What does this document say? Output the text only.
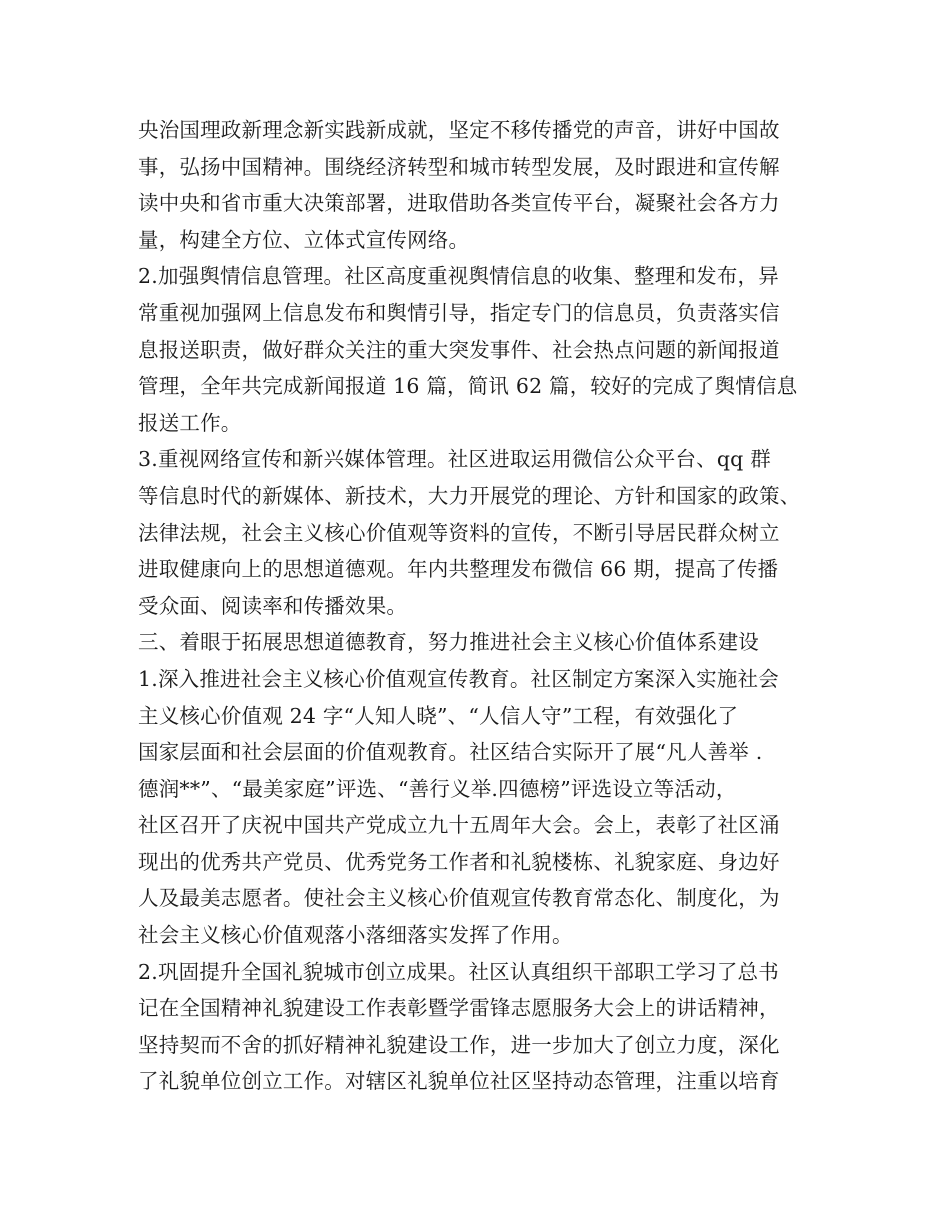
央治国理政新理念新实践新成就，坚定不移传播党的声音，讲好中国故
事，弘扬中国精神。围绕经济转型和城市转型发展，及时跟进和宣传解
读中央和省市重大决策部署，进取借助各类宣传平台，凝聚社会各方力
量，构建全方位、立体式宣传网络。
2.加强舆情信息管理。社区高度重视舆情信息的收集、整理和发布，异
常重视加强网上信息发布和舆情引导，指定专门的信息员，负责落实信
息报送职责，做好群众关注的重大突发事件、社会热点问题的新闻报道
管理，全年共完成新闻报道 16 篇，简讯 62 篇，较好的完成了舆情信息
报送工作。
3.重视网络宣传和新兴媒体管理。社区进取运用微信公众平台、qq 群
等信息时代的新媒体、新技术，大力开展党的理论、方针和国家的政策、
法律法规，社会主义核心价值观等资料的宣传，不断引导居民群众树立
进取健康向上的思想道德观。年内共整理发布微信 66 期，提高了传播
受众面、阅读率和传播效果。
三、着眼于拓展思想道德教育，努力推进社会主义核心价值体系建设
1.深入推进社会主义核心价值观宣传教育。社区制定方案深入实施社会
主义核心价值观 24 字“人知人晓”、“人信人守”工程，有效强化了
国家层面和社会层面的价值观教育。社区结合实际开了展“凡人善举 .
德润**”、“最美家庭”评选、“善行义举.四德榜”评选设立等活动，
社区召开了庆祝中国共产党成立九十五周年大会。会上，表彰了社区涌
现出的优秀共产党员、优秀党务工作者和礼貌楼栋、礼貌家庭、身边好
人及最美志愿者。使社会主义核心价值观宣传教育常态化、制度化，为
社会主义核心价值观落小落细落实发挥了作用。
2.巩固提升全国礼貌城市创立成果。社区认真组织干部职工学习了总书
记在全国精神礼貌建设工作表彰暨学雷锋志愿服务大会上的讲话精神，
坚持契而不舍的抓好精神礼貌建设工作，进一步加大了创立力度，深化
了礼貌单位创立工作。对辖区礼貌单位社区坚持动态管理，注重以培育
